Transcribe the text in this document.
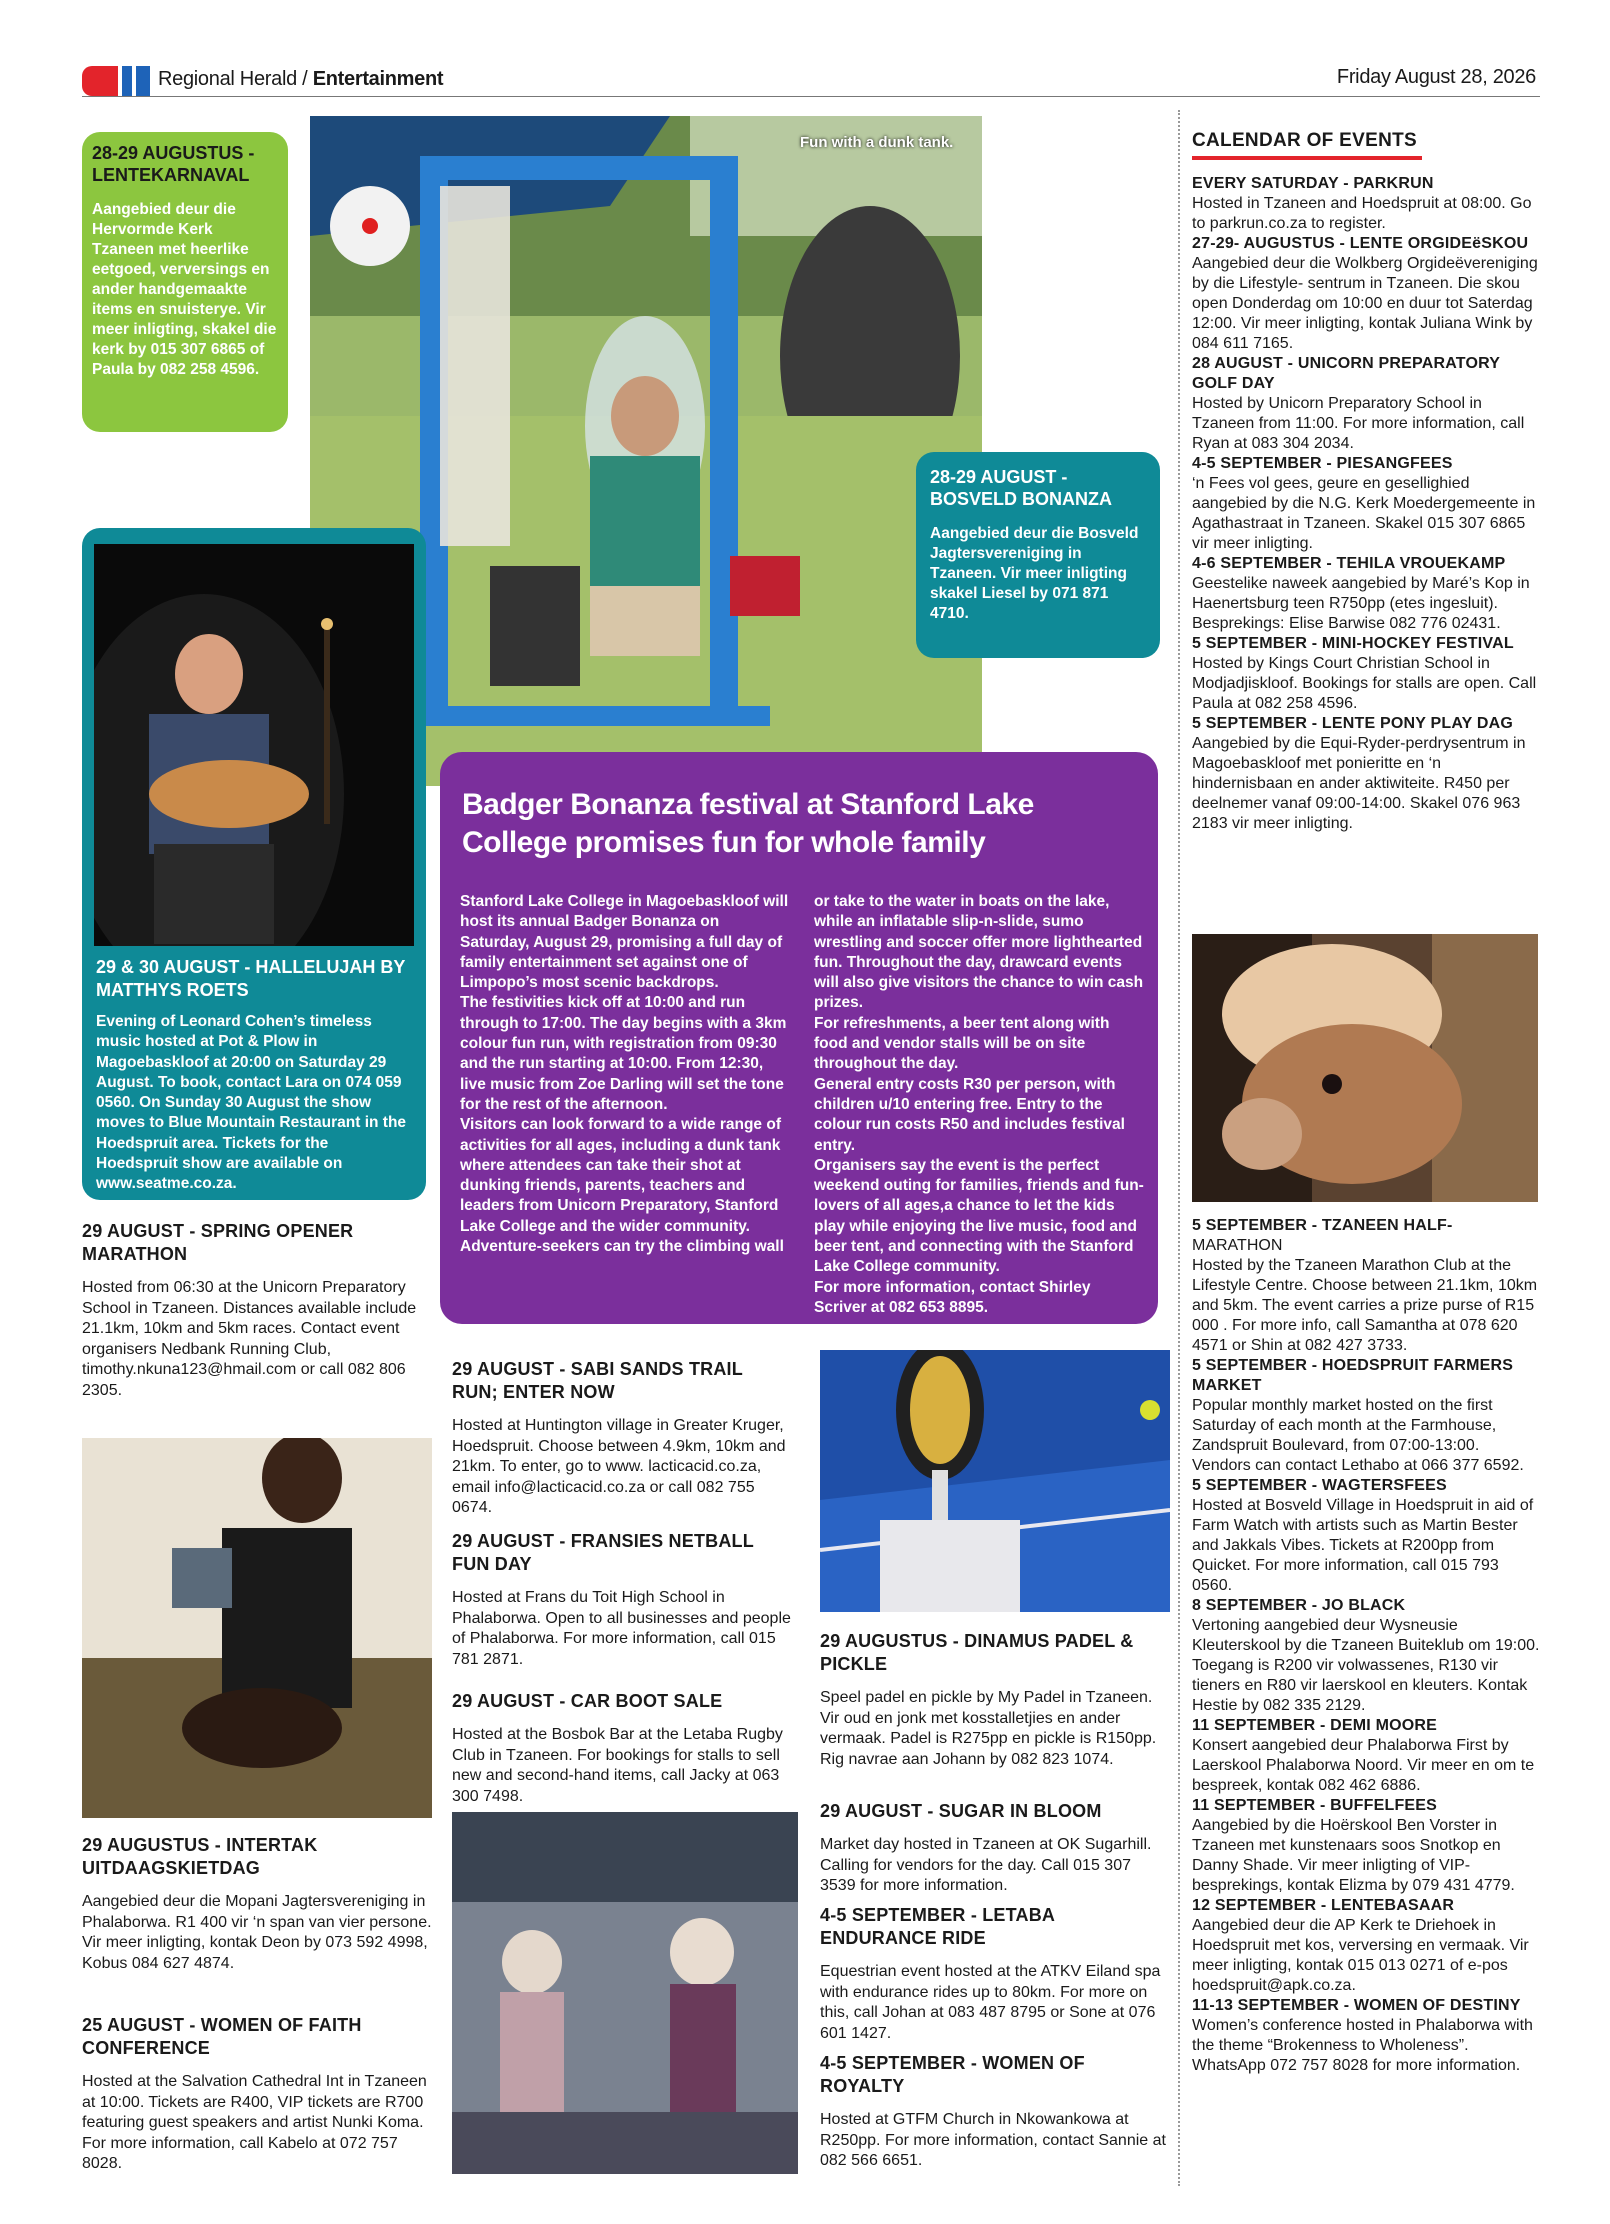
Regional Herald / Entertainment	Friday August 28, 2026
Fun with a dunk tank.
28-29 AUGUSTUS - LENTEKARNAVAL

Aangebied deur die Hervormde Kerk Tzaneen met heerlike eetgoed, verversings en ander handgemaakte items en snuisterye. Vir meer inligting, skakel die kerk by 015 307 6865 of Paula by 082 258 4596.

28-29 AUGUST - BOSVELD BONANZA

Aangebied deur die Bosveld Jagtersvereniging in Tzaneen. Vir meer inligting skakel Liesel by 071 871 4710.

29 & 30 AUGUST - HALLELUJAH BY MATTHYS ROETS

Evening of Leonard Cohen’s timeless music hosted at Pot & Plow in Magoebaskloof at 20:00 on Saturday 29 August. To book, contact Lara on 074 059 0560. On Sunday 30 August the show moves to Blue Mountain Restaurant in the Hoedspruit area. Tickets for the Hoedspruit show are available on www.seatme.co.za.

Badger Bonanza festival at Stanford Lake College promises fun for whole family
Stanford Lake College in Magoebaskloof will host its annual Badger Bonanza on Saturday, August 29, promising a full day of family entertainment set against one of Limpopo’s most scenic backdrops.
The festivities kick off at 10:00 and run through to 17:00. The day begins with a 3km colour fun run, with registration from 09:30 and the run starting at 10:00. From 12:30, live music from Zoe Darling will set the tone for the rest of the afternoon.
Visitors can look forward to a wide range of activities for all ages, including a dunk tank where attendees can take their shot at dunking friends, parents, teachers and leaders from Unicorn Preparatory, Stanford Lake College and the wider community. Adventure-seekers can try the climbing wall
or take to the water in boats on the lake, while an inflatable slip-n-slide, sumo wrestling and soccer offer more lighthearted fun. Throughout the day, drawcard events will also give visitors the chance to win cash prizes.
For refreshments, a beer tent along with food and vendor stalls will be on site throughout the day.
General entry costs R30 per person, with children u/10 entering free. Entry to the colour run costs R50 and includes festival entry.
Organisers say the event is the perfect weekend outing for families, friends and fun-lovers of all ages,a chance to let the kids play while enjoying the live music, food and beer tent, and connecting with the Stanford Lake College community.
For more information, contact Shirley Scriver at 082 653 8895.
29 AUGUST - SPRING OPENER MARATHON

Hosted from 06:30 at the Unicorn Preparatory School in Tzaneen. Distances available include 21.1km, 10km and 5km races. Contact event organisers Nedbank Running Club, timothy.nkuna123@hmail.com or call 082 806 2305.

29 AUGUSTUS - INTERTAK UITDAAGSKIETDAG

Aangebied deur die Mopani Jagtersvereniging in Phalaborwa. R1 400 vir ‘n span van vier persone. Vir meer inligting, kontak Deon by 073 592 4998, Kobus 084 627 4874.

25 AUGUST - WOMEN OF FAITH CONFERENCE

Hosted at the Salvation Cathedral Int in Tzaneen at 10:00. Tickets are R400, VIP tickets are R700 featuring guest speakers and artist Nunki Koma. For more information, call Kabelo at 072 757 8028.

29 AUGUST - SABI SANDS TRAIL RUN; ENTER NOW

Hosted at Huntington village in Greater Kruger, Hoedspruit. Choose between 4.9km, 10km and 21km. To enter, go to www. lacticacid.co.za, email info@lacticacid.co.za or call 082 755 0674.

29 AUGUST - FRANSIES NETBALL FUN DAY

Hosted at Frans du Toit High School in Phalaborwa. Open to all businesses and people of Phalaborwa. For more information, call 015 781 2871.

29 AUGUST - CAR BOOT SALE

Hosted at the Bosbok Bar at the Letaba Rugby Club in Tzaneen. For bookings for stalls to sell new and second-hand items, call Jacky at 063 300 7498.

29 AUGUSTUS - DINAMUS PADEL & PICKLE

Speel padel en pickle by My Padel in Tzaneen. Vir oud en jonk met kosstalletjies en ander vermaak. Padel is R275pp en pickle is R150pp. Rig navrae aan Johann by 082 823 1074.

29 AUGUST - SUGAR IN BLOOM

Market day hosted in Tzaneen at OK Sugarhill. Calling for vendors for the day. Call 015 307 3539 for more information.

4-5 SEPTEMBER - LETABA ENDURANCE RIDE

Equestrian event hosted at the ATKV Eiland spa with endurance rides up to 80km. For more on this, call Johan at 083 487 8795 or Sone at 076 601 1427.

4-5 SEPTEMBER - WOMEN OF ROYALTY

Hosted at GTFM Church in Nkowankowa at R250pp. For more information, contact Sannie at 082 566 6651.

CALENDAR OF EVENTS
EVERY SATURDAY - PARKRUN

Hosted in Tzaneen and Hoedspruit at 08:00. Go to parkrun.co.za to register.

27-29- AUGUSTUS - LENTE ORGIDEëSKOU

Aangebied deur die Wolkberg Orgideëvereniging by die Lifestyle- sentrum in Tzaneen. Die skou open Donderdag om 10:00 en duur tot Saterdag 12:00. Vir meer inligting, kontak Juliana Wink by 084 611 7165.

28 AUGUST - UNICORN PREPARATORY GOLF DAY

Hosted by Unicorn Preparatory School in Tzaneen from 11:00. For more information, call Ryan at 083 304 2034.

4-5 SEPTEMBER - PIESANGFEES

‘n Fees vol gees, geure en gesellighied aangebied by die N.G. Kerk Moedergemeente in Agathastraat in Tzaneen. Skakel 015 307 6865 vir meer inligting.

4-6 SEPTEMBER - TEHILA VROUEKAMP

Geestelike naweek aangebied by Maré’s Kop in Haenertsburg teen R750pp (etes ingesluit). Besprekings: Elise Barwise 082 776 02431.

5 SEPTEMBER - MINI-HOCKEY FESTIVAL

Hosted by Kings Court Christian School in Modjadjiskloof. Bookings for stalls are open. Call Paula at 082 258 4596.

5 SEPTEMBER - LENTE PONY PLAY DAG

Aangebied by die Equi-Ryder-perdrysentrum in Magoebaskloof met ponieritte en ‘n hindernisbaan en ander aktiwiteite. R450 per deelnemer vanaf 09:00-14:00. Skakel 076 963 2183 vir meer inligting.

5 SEPTEMBER - TZANEEN HALF-

MARATHON
Hosted by the Tzaneen Marathon Club at the Lifestyle Centre. Choose between 21.1km, 10km and 5km. The event carries a prize purse of R15 000 . For more info, call Samantha at 078 620 4571 or Shin at 082 427 3733.

5 SEPTEMBER - HOEDSPRUIT FARMERS MARKET

Popular monthly market hosted on the first Saturday of each month at the Farmhouse, Zandspruit Boulevard, from 07:00-13:00. Vendors can contact Lethabo at 066 377 6592.

5 SEPTEMBER - WAGTERSFEES

Hosted at Bosveld Village in Hoedspruit in aid of Farm Watch with artists such as Martin Bester and Jakkals Vibes. Tickets at R200pp from Quicket. For more information, call 015 793 0560.

8 SEPTEMBER - JO BLACK

Vertoning aangebied deur Wysneusie Kleuterskool by die Tzaneen Buiteklub om 19:00. Toegang is R200 vir volwassenes, R130 vir tieners en R80 vir laerskool en kleuters. Kontak Hestie by 082 335 2129.

11 SEPTEMBER - DEMI MOORE

Konsert aangebied deur Phalaborwa First by Laerskool Phalaborwa Noord. Vir meer en om te bespreek, kontak 082 462 6886.

11 SEPTEMBER - BUFFELFEES

Aangebied by die Hoërskool Ben Vorster in Tzaneen met kunstenaars soos Snotkop en Danny Shade. Vir meer inligting of VIP-besprekings, kontak Elizma by 079 431 4779.

12 SEPTEMBER - LENTEBASAAR

Aangebied deur die AP Kerk te Driehoek in Hoedspruit met kos, verversing en vermaak. Vir meer inligting, kontak 015 013 0271 of e-pos hoedspruit@apk.co.za.

11-13 SEPTEMBER - WOMEN OF DESTINY

Women’s conference hosted in Phalaborwa with the theme “Brokenness to Wholeness”. WhatsApp 072 757 8028 for more information.
